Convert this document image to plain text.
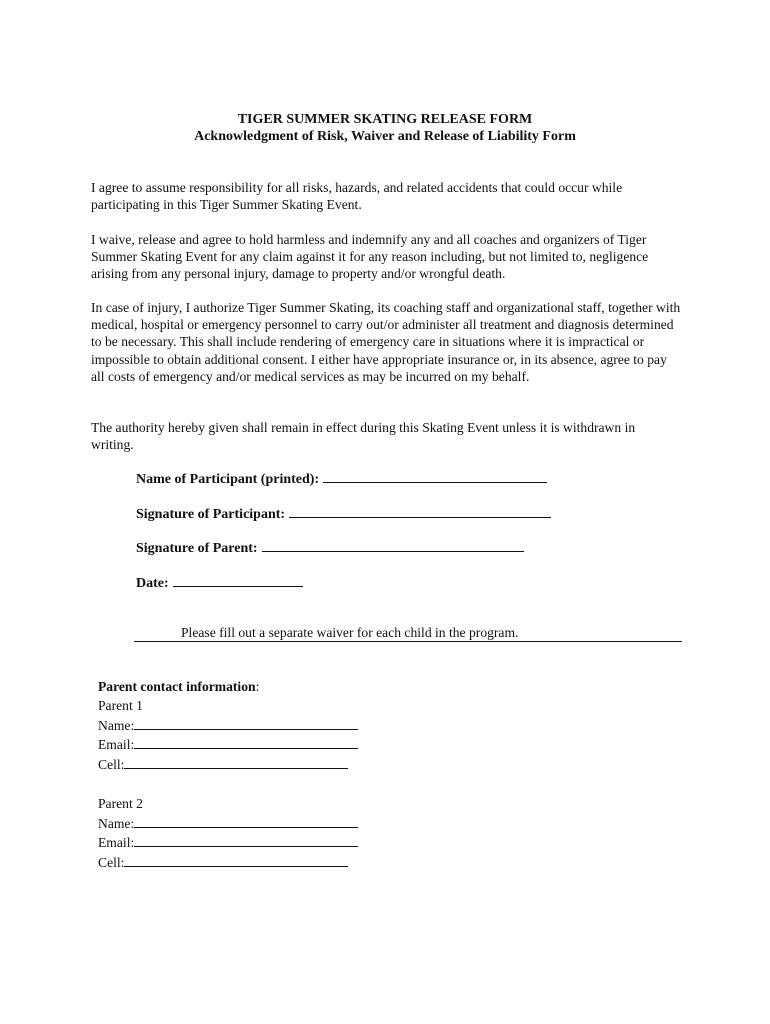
TIGER SUMMER SKATING RELEASE FORM
Acknowledgment of Risk, Waiver and Release of Liability Form

I agree to assume responsibility for all risks, hazards, and related accidents that could occur while participating in this Tiger Summer Skating Event.

I waive, release and agree to hold harmless and indemnify any and all coaches and organizers of Tiger Summer Skating Event for any claim against it for any reason including, but not limited to, negligence arising from any personal injury, damage to property and/or wrongful death.

In case of injury, I authorize Tiger Summer Skating, its coaching staff and organizational staff, together with medical, hospital or emergency personnel to carry out/or administer all treatment and diagnosis determined to be necessary. This shall include rendering of emergency care in situations where it is impractical or impossible to obtain additional consent. I either have appropriate insurance or, in its absence, agree to pay all costs of emergency and/or medical services as may be incurred on my behalf.

The authority hereby given shall remain in effect during this Skating Event unless it is withdrawn in writing.

Name of Participant (printed):
Signature of Participant:
Signature of Parent:
Date:
Please fill out a separate waiver for each child in the program.
Parent contact information:
Parent 1
Name:
Email:
Cell:
Parent 2
Name:
Email:
Cell:
